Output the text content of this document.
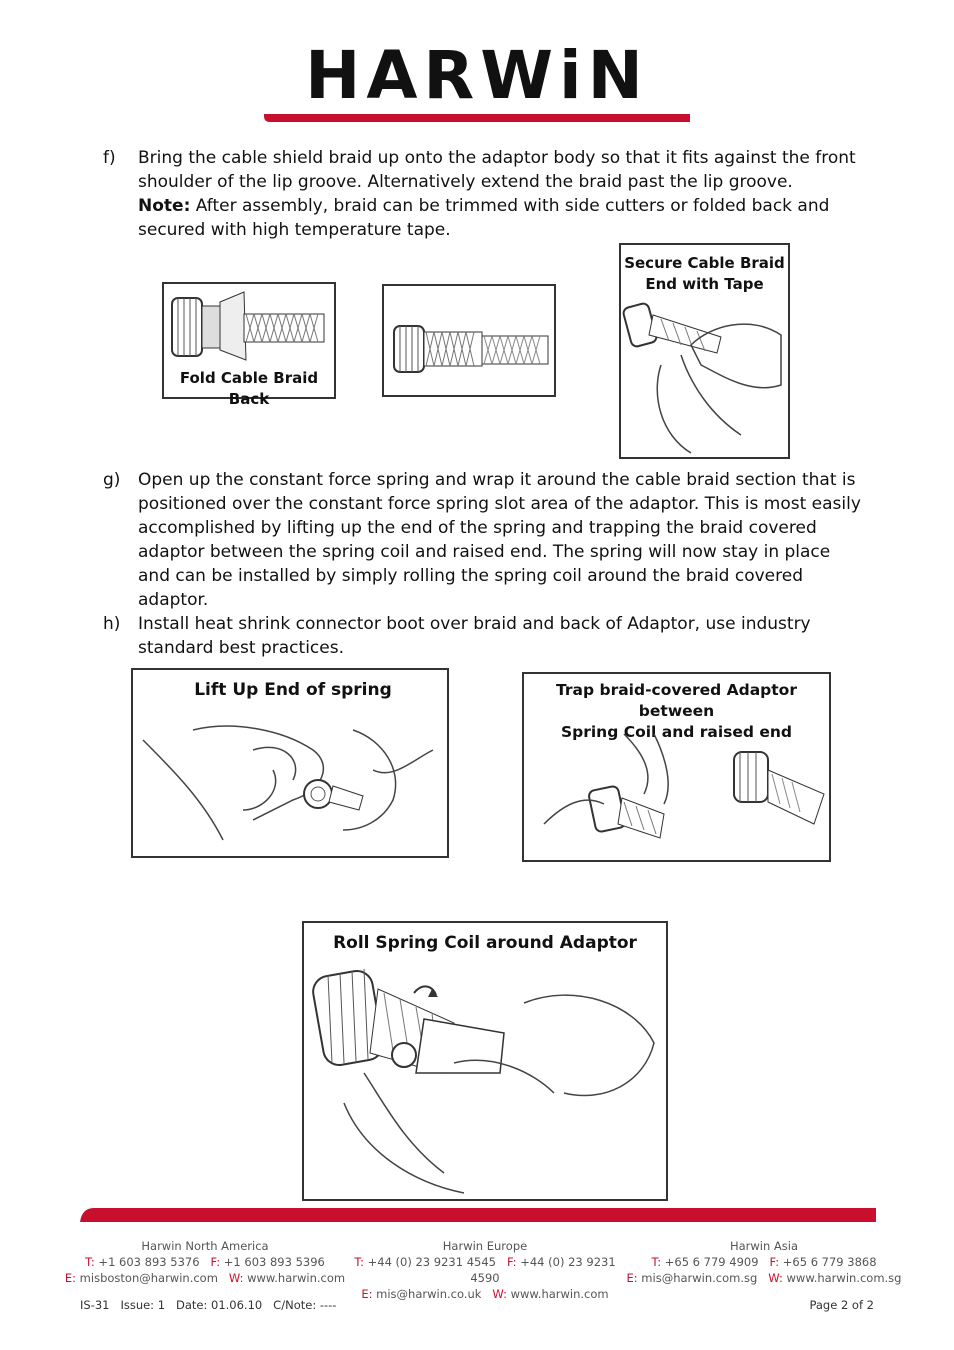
HARWiN
f)	Bring the cable shield braid up onto the adaptor body so that it fits against the front shoulder of the lip groove. Alternatively extend the braid past the lip groove.
Note: After assembly, braid can be trimmed with side cutters or folded back and secured with high temperature tape.
Fold Cable Braid Back
Secure Cable Braid
End with Tape
g)	Open up the constant force spring and wrap it around the cable braid section that is positioned over the constant force spring slot area of the adaptor. This is most easily accomplished by lifting up the end of the spring and trapping the braid covered adaptor between the spring coil and raised end. The spring will now stay in place and can be installed by simply rolling the spring coil around the braid covered adaptor.
h)	Install heat shrink connector boot over braid and back of Adaptor, use industry standard best practices.
Lift Up End of spring	Trap braid-covered Adaptor between
Spring Coil and raised end
Roll Spring Coil around Adaptor
Harwin North America
T: +1 603 893 5376 F: +1 603 893 5396
E: misboston@harwin.com W: www.harwin.com
Harwin Europe
T: +44 (0) 23 9231 4545 F: +44 (0) 23 9231 4590
E: mis@harwin.co.uk W: www.harwin.com
Harwin Asia
T: +65 6 779 4909 F: +65 6 779 3868
E: mis@harwin.com.sg W: www.harwin.com.sg
IS-31   Issue: 1   Date: 01.06.10   C/Note: ----	Page 2 of 2
